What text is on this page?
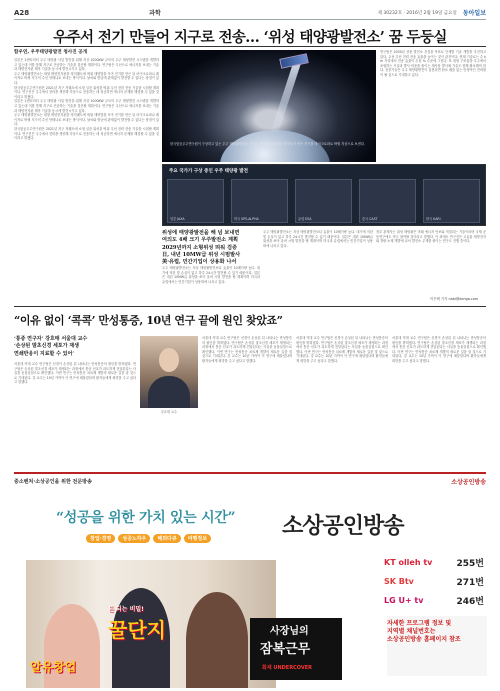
A28	과학	제 30232호 · 2016년 2월 19일 금요일 동아일보
우주서 전기 만들어 지구로 전송… ‘위성 태양광발전소’ 꿈 두둥실
함우연, 우주태양광발전 청사진 공개

일본은 1센티미터 우주 태양광 사업 발전을 위해 지상 1000KW 규모의 우주 태양발전 시스템을 개발하고 있는데 이를 통해 지구로 전송하는 기술을 검증할 계획이다. 연구팀은 무선으로 에너지를 보내는 기술과 태양전지판 제작 기술을 동시에 발전시키고 있다.

우주 태양광발전소는 대형 태양전지판을 정지궤도에 띄워 태양빛을 모아 전기를 만든 뒤 마이크로파나 레이저로 바꿔 지구의 수신 안테나로 보내는 방식이다. 날씨와 밤낮에 관계없이 발전할 수 있다는 장점이 있다.

한국항공우주연구원은 2021년 지구 저궤도에 소형 실증 위성을 띄워 무선 전력 전송 기술을 시험할 계획이다. 연구진은 우주에서 전력을 생산해 지상으로 전송하는 데 성공하면 에너지 문제를 해결할 수 있을 것이라고 밝혔다.

일본은 1센티미터 우주 태양광 사업 발전을 위해 지상 1000KW 규모의 우주 태양발전 시스템을 개발하고 있는데 이를 통해 지구로 전송하는 기술을 검증할 계획이다. 연구팀은 무선으로 에너지를 보내는 기술과 태양전지판 제작 기술을 동시에 발전시키고 있다.

우주 태양광발전소는 대형 태양전지판을 정지궤도에 띄워 태양빛을 모아 전기를 만든 뒤 마이크로파나 레이저로 바꿔 지구의 수신 안테나로 보내는 방식이다. 날씨와 밤낮에 관계없이 발전할 수 있다는 장점이 있다.

한국항공우주연구원은 2021년 지구 저궤도에 소형 실증 위성을 띄워 무선 전력 전송 기술을 시험할 계획이다. 연구진은 우주에서 전력을 생산해 지상으로 전송하는 데 성공하면 에너지 문제를 해결할 수 있을 것이라고 밝혔다.

한국항공우주연구원이 구상하고 있는 우주 태양광발전소 상상도. 정지궤도에 띄운 발전소가 만든 전기를 마이크로파로 바꿔 지상으로 보낸다.
주요 국가가 구상 중인 우주 태양광 발전
일본 JAXA	미국 SPS-ALPHA	유럽 ESA	중국 CAST	한국 KARI
연구팀은 2030년 상용 발전소 건설을 목표로 단계별 기술 개발을 추진하고 있다. 우선 무선 전력 전송 효율을 높이는 것이 관건이다. 현재 기술로는 수 km 거리에서 전송 효율이 수십 % 수준에 그친다. 또 대형 구조물을 우주에서 조립하는 기술과 발사 비용을 줄이는 재사용 발사체 기술도 함께 확보해야 한다. 전문가들은 우주 태양광발전이 실현되면 탄소 배출 없는 안정적인 전력원이 될 것으로 기대하고 있다.
위성에 태양광발전을 해 넘 보내면
여의도 4배 크기 우주발전소 계획
2029년까지 소형위성 띄워 검증
日, 내년 10MW급 위성 시범발사
美·유럽, 민간기업이 상용화 나서
우주 태양광발전소는 지상 태양광발전보다 효율이 10배가량 높다. 대기에 의한 빛 손실이 없고 하루 24시간 발전할 수 있기 때문이다. 일본은 내년 10MW급 위성을 쏘아 올려 시범 발전을 할 계획이며 미국과 유럽에서는 민간기업이 상용화에 나서고 있다.
우주 태양광발전소는 지상 태양광발전보다 효율이 10배가량 높다. 대기에 의한 빛 손실이 없고 하루 24시간 발전할 수 있기 때문이다. 일본은 내년 10MW급 위성을 쏘아 올려 시범 발전을 할 계획이며 미국과 유럽에서는 민간기업이 상용화에 나서고 있다.
정부 관계자는 위성 태양광은 미래 에너지 안보와 직결되는 기술이라며 국제 공동연구에도 적극 참여할 것이라고 말했다. 이 외에도 연구진은 고효율 태양전지와 경량 소재 개발에 나서 발전소 무게를 줄이는 연구도 진행 중이다.
이은택 기자 nabi@donga.com
“이유 없이 ‘콕콕’ 만성통증, 10년 연구 끝에 원인 찾았죠”
‘통증 연구자’ 강호태 서울대 교수
‘손상된 말초신경 세포가 재생
연쇄반응이 지료할 수 있어’
서울대 약대 교수 연구팀은 신경이 손상된 뒤 나타나는 만성통증의 원인을 밝혀냈다. 연구팀은 손상된 말초신경 세포가 재생되는 과정에서 통증 신호가 과도하게 전달된다는 사실을 동물실험으로 확인했다. 이번 연구는 만성통증 치료제 개발의 새로운 길을 열 것으로 기대된다. 강 교수는 10년 가까이 이 연구에 매달렸다며 환자들에게 희망을 주고 싶다고 말했다.
강호태 교수
서울대 약대 교수 연구팀은 신경이 손상된 뒤 나타나는 만성통증의 원인을 밝혀냈다. 연구팀은 손상된 말초신경 세포가 재생되는 과정에서 통증 신호가 과도하게 전달된다는 사실을 동물실험으로 확인했다. 이번 연구는 만성통증 치료제 개발의 새로운 길을 열 것으로 기대된다. 강 교수는 10년 가까이 이 연구에 매달렸다며 환자들에게 희망을 주고 싶다고 말했다.
서울대 약대 교수 연구팀은 신경이 손상된 뒤 나타나는 만성통증의 원인을 밝혀냈다. 연구팀은 손상된 말초신경 세포가 재생되는 과정에서 통증 신호가 과도하게 전달된다는 사실을 동물실험으로 확인했다. 이번 연구는 만성통증 치료제 개발의 새로운 길을 열 것으로 기대된다. 강 교수는 10년 가까이 이 연구에 매달렸다며 환자들에게 희망을 주고 싶다고 말했다.
서울대 약대 교수 연구팀은 신경이 손상된 뒤 나타나는 만성통증의 원인을 밝혀냈다. 연구팀은 손상된 말초신경 세포가 재생되는 과정에서 통증 신호가 과도하게 전달된다는 사실을 동물실험으로 확인했다. 이번 연구는 만성통증 치료제 개발의 새로운 길을 열 것으로 기대된다. 강 교수는 10년 가까이 이 연구에 매달렸다며 환자들에게 희망을 주고 싶다고 말했다.
중소벤처·소상공인을 위한 전문방송	소상공인방송
“성공을 위한 가치 있는 시간”
창업·경영	성공노하우	해외다큐	여행정보	소상공인방송
KT olleh tv	255번
SK Btv	271번
LG U+ tv	246번
알유창업
돈 되는 비밀!
꿀단지	사장님의
잠복근무
화제 UNDERCOVER
자세한 프로그램 정보 및
지역별 채널번호는
소상공인방송 홈페이지 참조
